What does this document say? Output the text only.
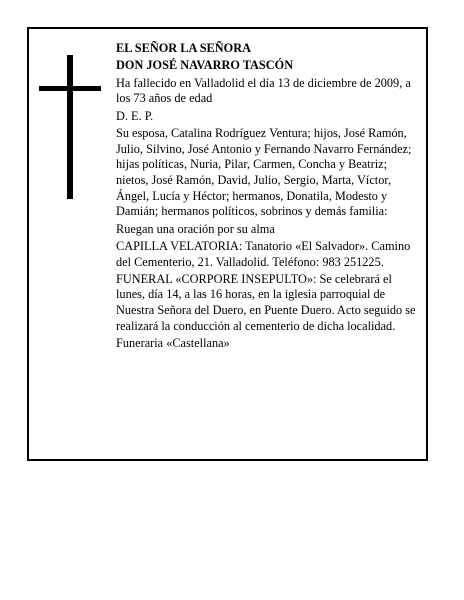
EL SEÑOR LA SEÑORA

DON JOSÉ NAVARRO TASCÓN

Ha fallecido en Valladolid el día 13 de diciembre de 2009, a los 73 años de edad

D. E. P.

Su esposa, Catalina Rodríguez Ventura; hijos, José Ramón, Julio, Silvino, José Antonio y Fernando Navarro Fernández; hijas políticas, Nuria, Pilar, Carmen, Concha y Beatriz; nietos, José Ramón, David, Julio, Sergio, Marta, Víctor, Ángel, Lucía y Héctor; hermanos, Donatila, Modesto y Damián; hermanos políticos, sobrinos y demás familia:

Ruegan una oración por su alma

CAPILLA VELATORIA: Tanatorio «El Salvador». Camino del Cementerio, 21. Valladolid. Teléfono: 983 251225.

FUNERAL «CORPORE INSEPULTO»: Se celebrará el lunes, día 14, a las 16 horas, en la iglesia parroquial de Nuestra Señora del Duero, en Puente Duero. Acto seguido se realizará la conducción al cementerio de dicha localidad.

Funeraria «Castellana»
